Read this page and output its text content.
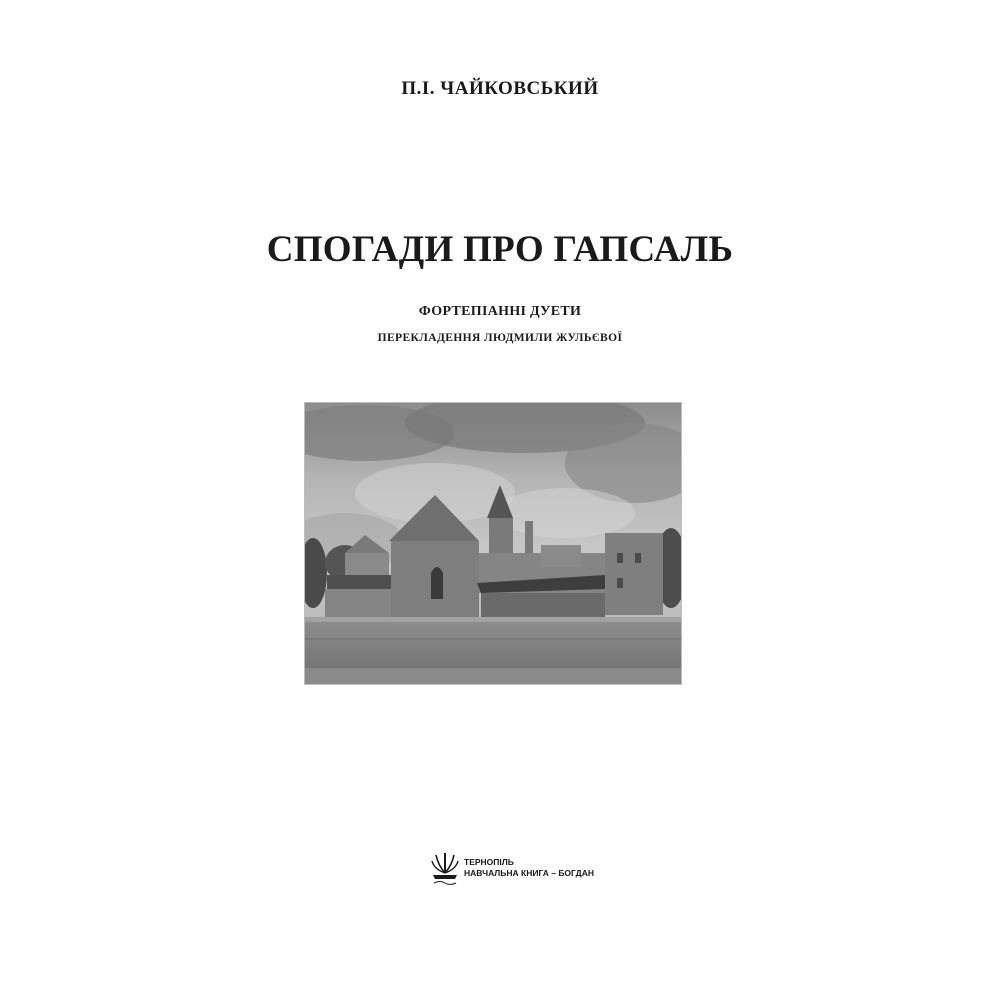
П.І. ЧАЙКОВСЬКИЙ
СПОГАДИ ПРО ГАПСАЛЬ
ФОРТЕПІАННІ ДУЕТИ
ПЕРЕКЛАДЕННЯ ЛЮДМИЛИ ЖУЛЬЄВОЇ
ТЕРНОПІЛЬ
НАВЧАЛЬНА КНИГА – БОГДАН
